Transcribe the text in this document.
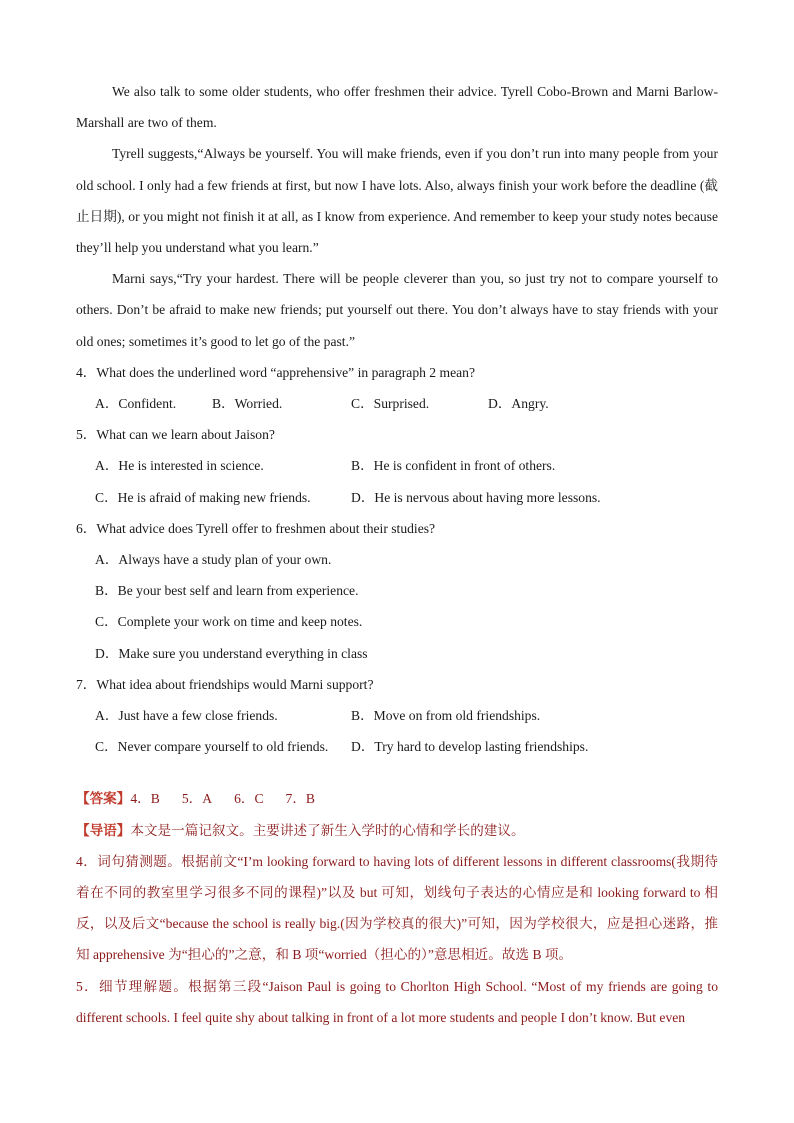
We also talk to some older students, who offer freshmen their advice. Tyrell Cobo-Brown and Marni Barlow-Marshall are two of them.

Tyrell suggests,“Always be yourself. You will make friends, even if you don’t run into many people from your old school. I only had a few friends at first, but now I have lots. Also, always finish your work before the deadline (截止日期), or you might not finish it at all, as I know from experience. And remember to keep your study notes because they’ll help you understand what you learn.”

Marni says,“Try your hardest. There will be people cleverer than you, so just try not to compare yourself to others. Don’t be afraid to make new friends; put yourself out there. You don’t always have to stay friends with your old ones; sometimes it’s good to let go of the past.”

4．What does the underlined word “apprehensive” in paragraph 2 mean?

A．Confident.	B．Worried.	C．Surprised.	D．Angry.

5．What can we learn about Jaison?

A．He is interested in science.	B．He is confident in front of others.
C．He is afraid of making new friends.	D．He is nervous about having more lessons.

6．What advice does Tyrell offer to freshmen about their studies?

A．Always have a study plan of your own.
B．Be your best self and learn from experience.
C．Complete your work on time and keep notes.
D．Make sure you understand everything in class

7．What idea about friendships would Marni support?

A．Just have a few close friends.	B．Move on from old friendships.
C．Never compare yourself to old friends.	D．Try hard to develop lasting friendships.

【答案】4．B 5．A 6．C 7．B

【导语】本文是一篇记叙文。主要讲述了新生入学时的心情和学长的建议。

4．词句猜测题。根据前文“I’m looking forward to having lots of different lessons in different classrooms(我期待着在不同的教室里学习很多不同的课程)”以及 but 可知，划线句子表达的心情应是和 looking forward to 相反，以及后文“because the school is really big.(因为学校真的很大)”可知，因为学校很大，应是担心迷路，推知 apprehensive 为“担心的”之意，和 B 项“worried（担心的）”意思相近。故选 B 项。

5．细节理解题。根据第三段“Jaison Paul is going to Chorlton High School. “Most of my friends are going to different schools. I feel quite shy about talking in front of a lot more students and people I don’t know. But even
